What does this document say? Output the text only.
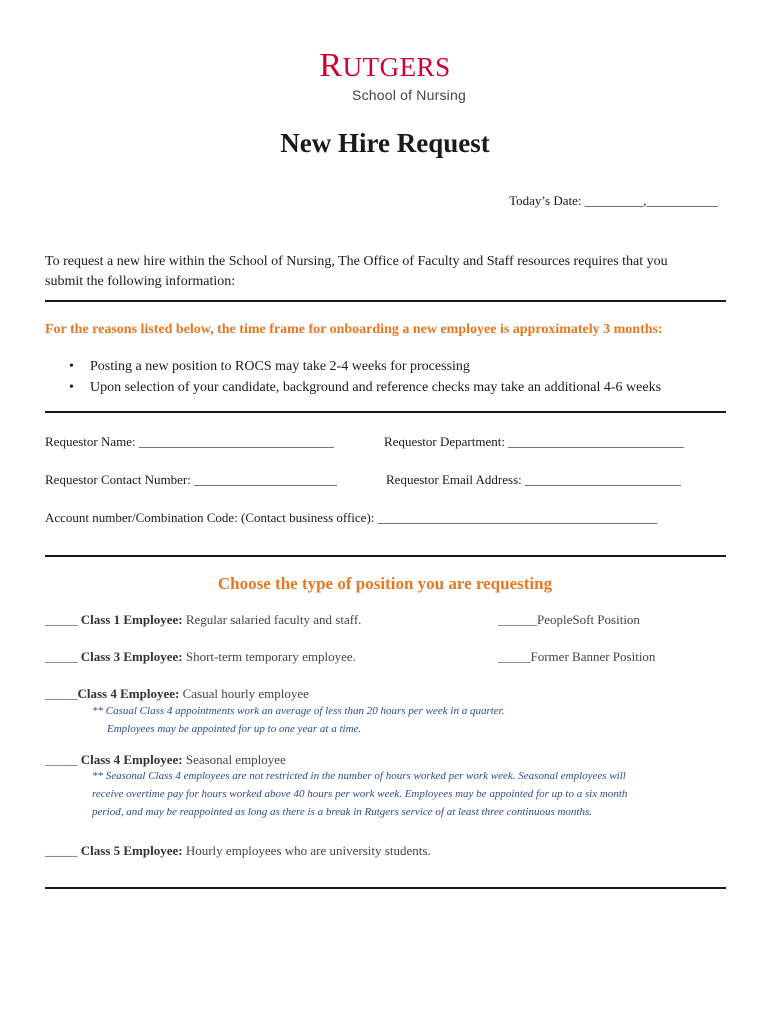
RUTGERS
School of Nursing
New Hire Request
Today’s Date: _________,___________
To request a new hire within the School of Nursing, The Office of Faculty and Staff resources requires that you
submit the following information:
For the reasons listed below, the time frame for onboarding a new employee is approximately 3 months:
• Posting a new position to ROCS may take 2-4 weeks for processing
• Upon selection of your candidate, background and reference checks may take an additional 4-6 weeks
Requestor Name: ______________________________	Requestor Department: ___________________________
Requestor Contact Number: ______________________	Requestor Email Address: ________________________
Account number/Combination Code: (Contact business office): ___________________________________________
Choose the type of position you are requesting
_____ Class 1 Employee: Regular salaried faculty and staff.	______PeopleSoft Position
_____ Class 3 Employee: Short-term temporary employee.	_____Former Banner Position
_____Class 4 Employee: Casual hourly employee
** Casual Class 4 appointments work an average of less than 20 hours per week in a quarter.
Employees may be appointed for up to one year at a time.
_____ Class 4 Employee: Seasonal employee
** Seasonal Class 4 employees are not restricted in the number of hours worked per work week. Seasonal employees will
receive overtime pay for hours worked above 40 hours per work week. Employees may be appointed for up to a six month
period, and may be reappointed as long as there is a break in Rutgers service of at least three continuous months.
_____ Class 5 Employee: Hourly employees who are university students.
